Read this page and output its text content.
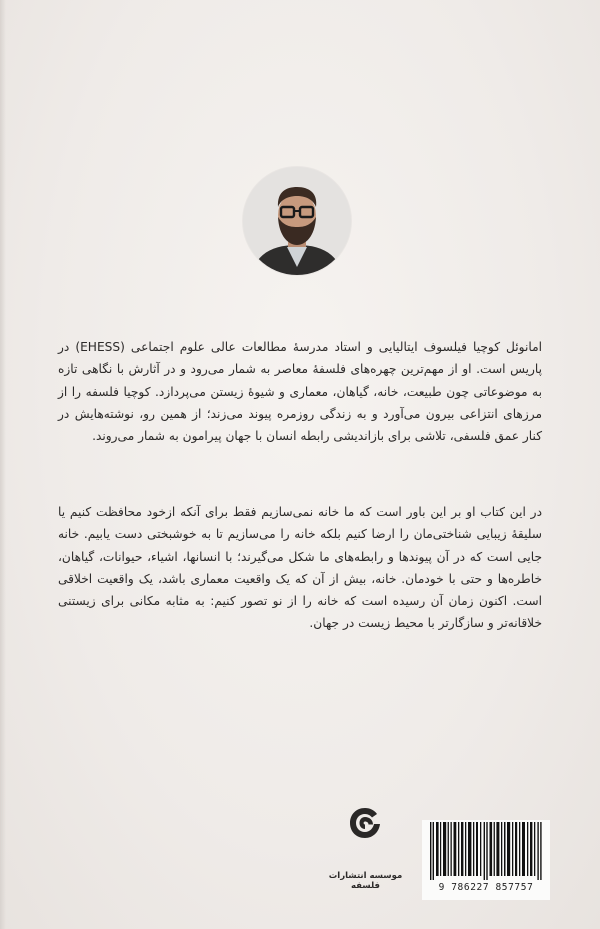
امانوئل کوچیا فیلسوف ایتالیایی و استاد مدرسهٔ مطالعات عالی علوم اجتماعی (EHESS) در پاریس است. او از مهم‌ترین چهره‌های فلسفهٔ معاصر به شمار می‌رود و در آثارش با نگاهی تازه به موضوعاتی چون طبیعت، خانه، گیاهان، معماری و شیوهٔ زیستن می‌پردازد. کوچیا فلسفه را از مرزهای انتزاعی بیرون می‌آورد و به زندگی روزمره پیوند می‌زند؛ از همین رو، نوشته‌هایش در کنار عمق فلسفی، تلاشی برای بازاندیشی رابطه انسان با جهان پیرامون به شمار می‌روند.

در این کتاب او بر این باور است که ما خانه نمی‌سازیم فقط برای آنکه ازخود محافظت کنیم یا سلیقهٔ زیبایی شناختی‌مان را ارضا کنیم بلکه خانه را می‌سازیم تا به خوشبختی دست یابیم. خانه جایی است که در آن پیوندها و رابطه‌های ما شکل می‌گیرند؛ با انسانها، اشیاء، حیوانات، گیاهان، خاطره‌ها و حتی با خودمان. خانه، بیش از آن که یک واقعیت معماری باشد، یک واقعیت اخلاقی است. اکنون زمان آن رسیده است که خانه را از نو تصور کنیم: به مثابه مکانی برای زیستنی خلاقانه‌تر و سازگارتر با محیط زیست در جهان.

موسسه انتشارات فلسفه	9 786227 857757
